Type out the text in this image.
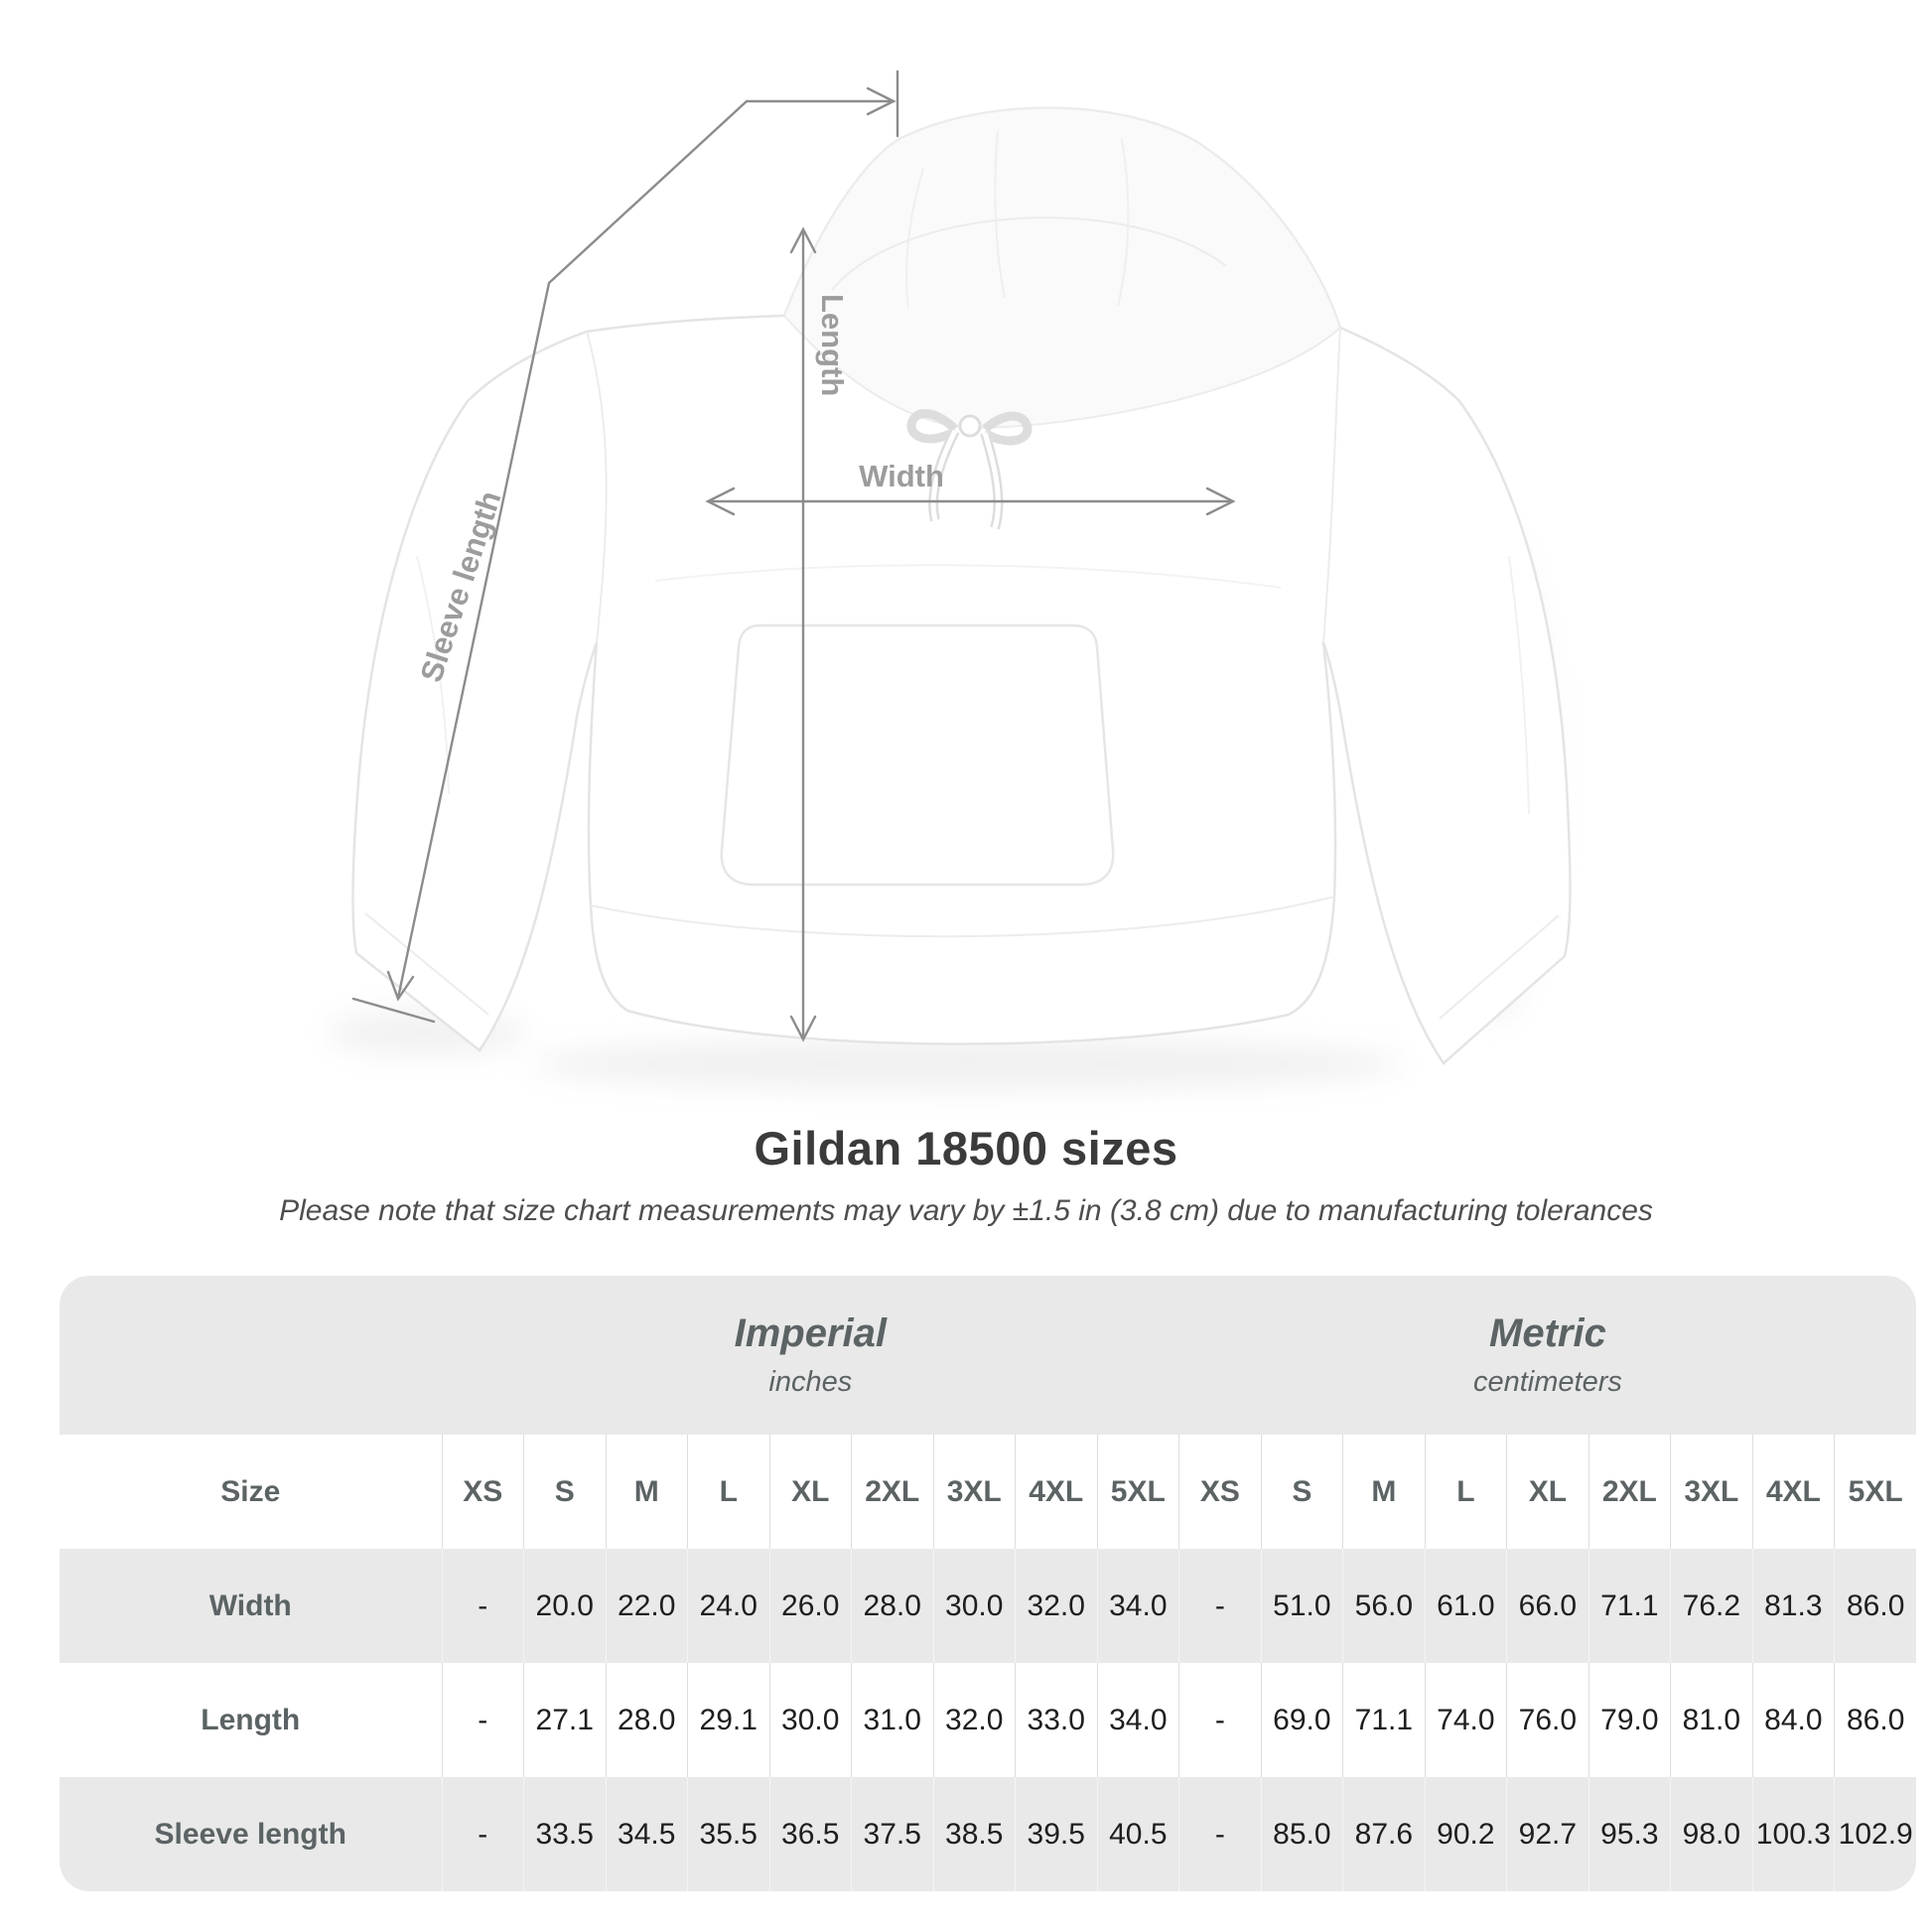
Sleeve length
Length
Width
Gildan 18500 sizes
Please note that size chart measurements may vary by ±1.5 in (3.8 cm) due to manufacturing tolerances

Imperial
inches

Metric
centimeters

Size	XS	S	M	L	XL	2XL	3XL	4XL	5XL	XS	S	M	L	XL	2XL	3XL	4XL	5XL
Width	-	20.0	22.0	24.0	26.0	28.0	30.0	32.0	34.0	-	51.0	56.0	61.0	66.0	71.1	76.2	81.3	86.0
Length	-	27.1	28.0	29.1	30.0	31.0	32.0	33.0	34.0	-	69.0	71.1	74.0	76.0	79.0	81.0	84.0	86.0
Sleeve length	-	33.5	34.5	35.5	36.5	37.5	38.5	39.5	40.5	-	85.0	87.6	90.2	92.7	95.3	98.0	100.3	102.9
